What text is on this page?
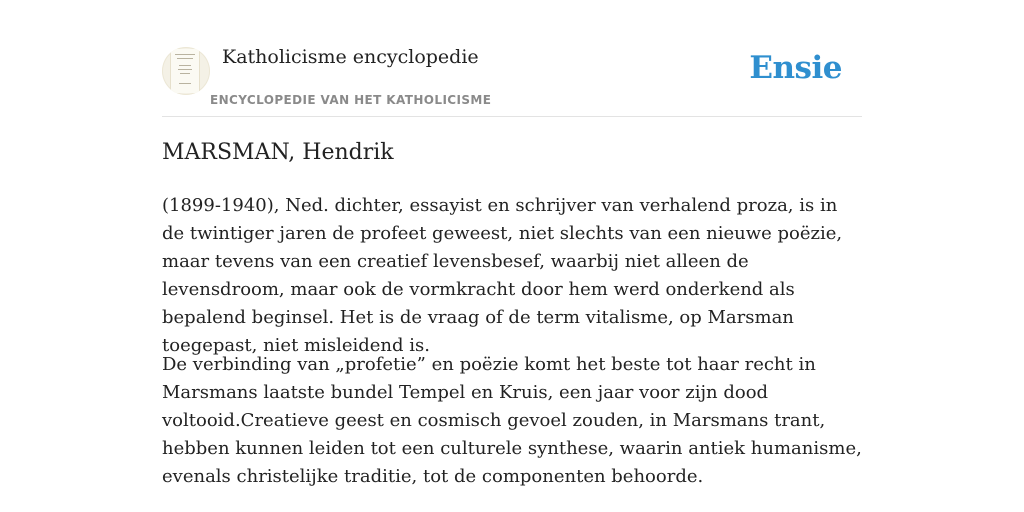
Katholicisme encyclopedie
ENCYCLOPEDIE VAN HET KATHOLICISME
Ensie
MARSMAN, Hendrik

(1899-1940), Ned. dichter, essayist en schrijver van verhalend proza, is in de twintiger jaren de profeet geweest, niet slechts van een nieuwe poëzie, maar tevens van een creatief levensbesef, waarbij niet alleen de levensdroom, maar ook de vormkracht door hem werd onderkend als bepalend beginsel. Het is de vraag of de term vitalisme, op Marsman toegepast, niet misleidend is.

De verbinding van „profetie” en poëzie komt het beste tot haar recht in Marsmans laatste bundel Tempel en Kruis, een jaar voor zijn dood voltooid.Creatieve geest en cosmisch gevoel zouden, in Marsmans trant, hebben kunnen leiden tot een culturele synthese, waarin antiek humanisme, evenals christelijke traditie, tot de componenten behoorde.
